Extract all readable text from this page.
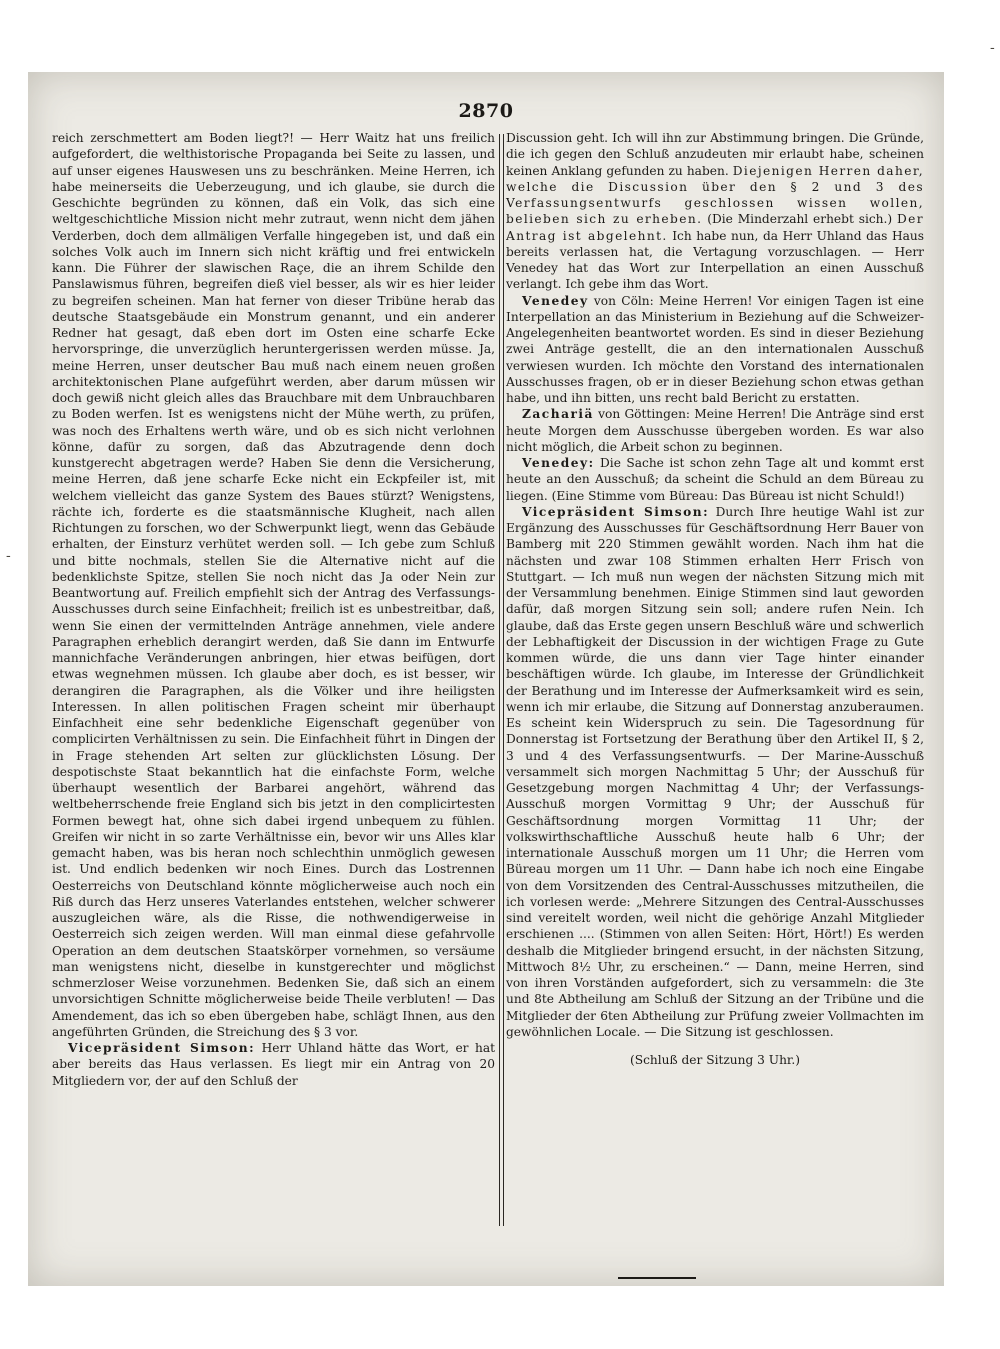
2870

reich zerschmettert am Boden liegt?! — Herr Waitz hat uns freilich aufgefordert, die welthistorische Propaganda bei Seite zu lassen, und auf unser eigenes Hauswesen uns zu beschränken. Meine Herren, ich habe meinerseits die Ueberzeugung, und ich glaube, sie durch die Geschichte begründen zu können, daß ein Volk, das sich eine weltgeschichtliche Mission nicht mehr zutraut, wenn nicht dem jähen Verderben, doch dem allmäligen Verfalle hingegeben ist, und daß ein solches Volk auch im Innern sich nicht kräftig und frei entwickeln kann. Die Führer der slawischen Raçe, die an ihrem Schilde den Panslawismus führen, begreifen dieß viel besser, als wir es hier leider zu begreifen scheinen. Man hat ferner von dieser Tribüne herab das deutsche Staatsgebäude ein Monstrum genannt, und ein anderer Redner hat gesagt, daß eben dort im Osten eine scharfe Ecke hervorspringe, die unverzüglich heruntergerissen werden müsse. Ja, meine Herren, unser deutscher Bau muß nach einem neuen großen architektonischen Plane aufgeführt werden, aber darum müssen wir doch gewiß nicht gleich alles das Brauchbare mit dem Unbrauchbaren zu Boden werfen. Ist es wenigstens nicht der Mühe werth, zu prüfen, was noch des Erhaltens werth wäre, und ob es sich nicht verlohnen könne, dafür zu sorgen, daß das Abzutragende denn doch kunstgerecht abgetragen werde? Haben Sie denn die Versicherung, meine Herren, daß jene scharfe Ecke nicht ein Eckpfeiler ist, mit welchem vielleicht das ganze System des Baues stürzt? Wenigstens, rächte ich, forderte es die staatsmännische Klugheit, nach allen Richtungen zu forschen, wo der Schwerpunkt liegt, wenn das Gebäude erhalten, der Einsturz verhütet werden soll. — Ich gebe zum Schluß und bitte nochmals, stellen Sie die Alternative nicht auf die bedenklichste Spitze, stellen Sie noch nicht das Ja oder Nein zur Beantwortung auf. Freilich empfiehlt sich der Antrag des Verfassungs-Ausschusses durch seine Einfachheit; freilich ist es unbestreitbar, daß, wenn Sie einen der vermittelnden Anträge annehmen, viele andere Paragraphen erheblich derangirt werden, daß Sie dann im Entwurfe mannichfache Veränderungen anbringen, hier etwas beifügen, dort etwas wegnehmen müssen. Ich glaube aber doch, es ist besser, wir derangiren die Paragraphen, als die Völker und ihre heiligsten Interessen. In allen politischen Fragen scheint mir überhaupt Einfachheit eine sehr bedenkliche Eigenschaft gegenüber von complicirten Verhältnissen zu sein. Die Einfachheit führt in Dingen der in Frage stehenden Art selten zur glücklichsten Lösung. Der despotischste Staat bekanntlich hat die einfachste Form, welche überhaupt wesentlich der Barbarei angehört, während das weltbeherrschende freie England sich bis jetzt in den complicirtesten Formen bewegt hat, ohne sich dabei irgend unbequem zu fühlen. Greifen wir nicht in so zarte Verhältnisse ein, bevor wir uns Alles klar gemacht haben, was bis heran noch schlechthin unmöglich gewesen ist. Und endlich bedenken wir noch Eines. Durch das Lostrennen Oesterreichs von Deutschland könnte möglicherweise auch noch ein Riß durch das Herz unseres Vaterlandes entstehen, welcher schwerer auszugleichen wäre, als die Risse, die nothwendigerweise in Oesterreich sich zeigen werden. Will man einmal diese gefahrvolle Operation an dem deutschen Staatskörper vornehmen, so versäume man wenigstens nicht, dieselbe in kunstgerechter und möglichst schmerzloser Weise vorzunehmen. Bedenken Sie, daß sich an einem unvorsichtigen Schnitte möglicherweise beide Theile verbluten! — Das Amendement, das ich so eben übergeben habe, schlägt Ihnen, aus den angeführten Gründen, die Streichung des § 3 vor.

Vicepräsident Simson: Herr Uhland hätte das Wort, er hat aber bereits das Haus verlassen. Es liegt mir ein Antrag von 20 Mitgliedern vor, der auf den Schluß der

Discussion geht. Ich will ihn zur Abstimmung bringen. Die Gründe, die ich gegen den Schluß anzudeuten mir erlaubt habe, scheinen keinen Anklang gefunden zu haben. Diejenigen Herren daher, welche die Discussion über den § 2 und 3 des Verfassungsentwurfs geschlossen wissen wollen, belieben sich zu erheben. (Die Minderzahl erhebt sich.) Der Antrag ist abgelehnt. Ich habe nun, da Herr Uhland das Haus bereits verlassen hat, die Vertagung vorzuschlagen. — Herr Venedey hat das Wort zur Interpellation an einen Ausschuß verlangt. Ich gebe ihm das Wort.

Venedey von Cöln: Meine Herren! Vor einigen Tagen ist eine Interpellation an das Ministerium in Beziehung auf die Schweizer-Angelegenheiten beantwortet worden. Es sind in dieser Beziehung zwei Anträge gestellt, die an den internationalen Ausschuß verwiesen wurden. Ich möchte den Vorstand des internationalen Ausschusses fragen, ob er in dieser Beziehung schon etwas gethan habe, und ihn bitten, uns recht bald Bericht zu erstatten.

Zachariä von Göttingen: Meine Herren! Die Anträge sind erst heute Morgen dem Ausschusse übergeben worden. Es war also nicht möglich, die Arbeit schon zu beginnen.

Venedey: Die Sache ist schon zehn Tage alt und kommt erst heute an den Ausschuß; da scheint die Schuld an dem Büreau zu liegen. (Eine Stimme vom Büreau: Das Büreau ist nicht Schuld!)

Vicepräsident Simson: Durch Ihre heutige Wahl ist zur Ergänzung des Ausschusses für Geschäftsordnung Herr Bauer von Bamberg mit 220 Stimmen gewählt worden. Nach ihm hat die nächsten und zwar 108 Stimmen erhalten Herr Frisch von Stuttgart. — Ich muß nun wegen der nächsten Sitzung mich mit der Versammlung benehmen. Einige Stimmen sind laut geworden dafür, daß morgen Sitzung sein soll; andere rufen Nein. Ich glaube, daß das Erste gegen unsern Beschluß wäre und schwerlich der Lebhaftigkeit der Discussion in der wichtigen Frage zu Gute kommen würde, die uns dann vier Tage hinter einander beschäftigen würde. Ich glaube, im Interesse der Gründlichkeit der Berathung und im Interesse der Aufmerksamkeit wird es sein, wenn ich mir erlaube, die Sitzung auf Donnerstag anzuberaumen. Es scheint kein Widerspruch zu sein. Die Tagesordnung für Donnerstag ist Fortsetzung der Berathung über den Artikel II, § 2, 3 und 4 des Verfassungsentwurfs. — Der Marine-Ausschuß versammelt sich morgen Nachmittag 5 Uhr; der Ausschuß für Gesetzgebung morgen Nachmittag 4 Uhr; der Verfassungs-Ausschuß morgen Vormittag 9 Uhr; der Ausschuß für Geschäftsordnung morgen Vormittag 11 Uhr; der volkswirthschaftliche Ausschuß heute halb 6 Uhr; der internationale Ausschuß morgen um 11 Uhr; die Herren vom Büreau morgen um 11 Uhr. — Dann habe ich noch eine Eingabe von dem Vorsitzenden des Central-Ausschusses mitzutheilen, die ich vorlesen werde: „Mehrere Sitzungen des Central-Ausschusses sind vereitelt worden, weil nicht die gehörige Anzahl Mitglieder erschienen .... (Stimmen von allen Seiten: Hört, Hört!) Es werden deshalb die Mitglieder bringend ersucht, in der nächsten Sitzung, Mittwoch 8½ Uhr, zu erscheinen.“ — Dann, meine Herren, sind von ihren Vorständen aufgefordert, sich zu versammeln: die 3te und 8te Abtheilung am Schluß der Sitzung an der Tribüne und die Mitglieder der 6ten Abtheilung zur Prüfung zweier Vollmachten im gewöhnlichen Locale. — Die Sitzung ist geschlossen.

(Schluß der Sitzung 3 Uhr.)

-
-
